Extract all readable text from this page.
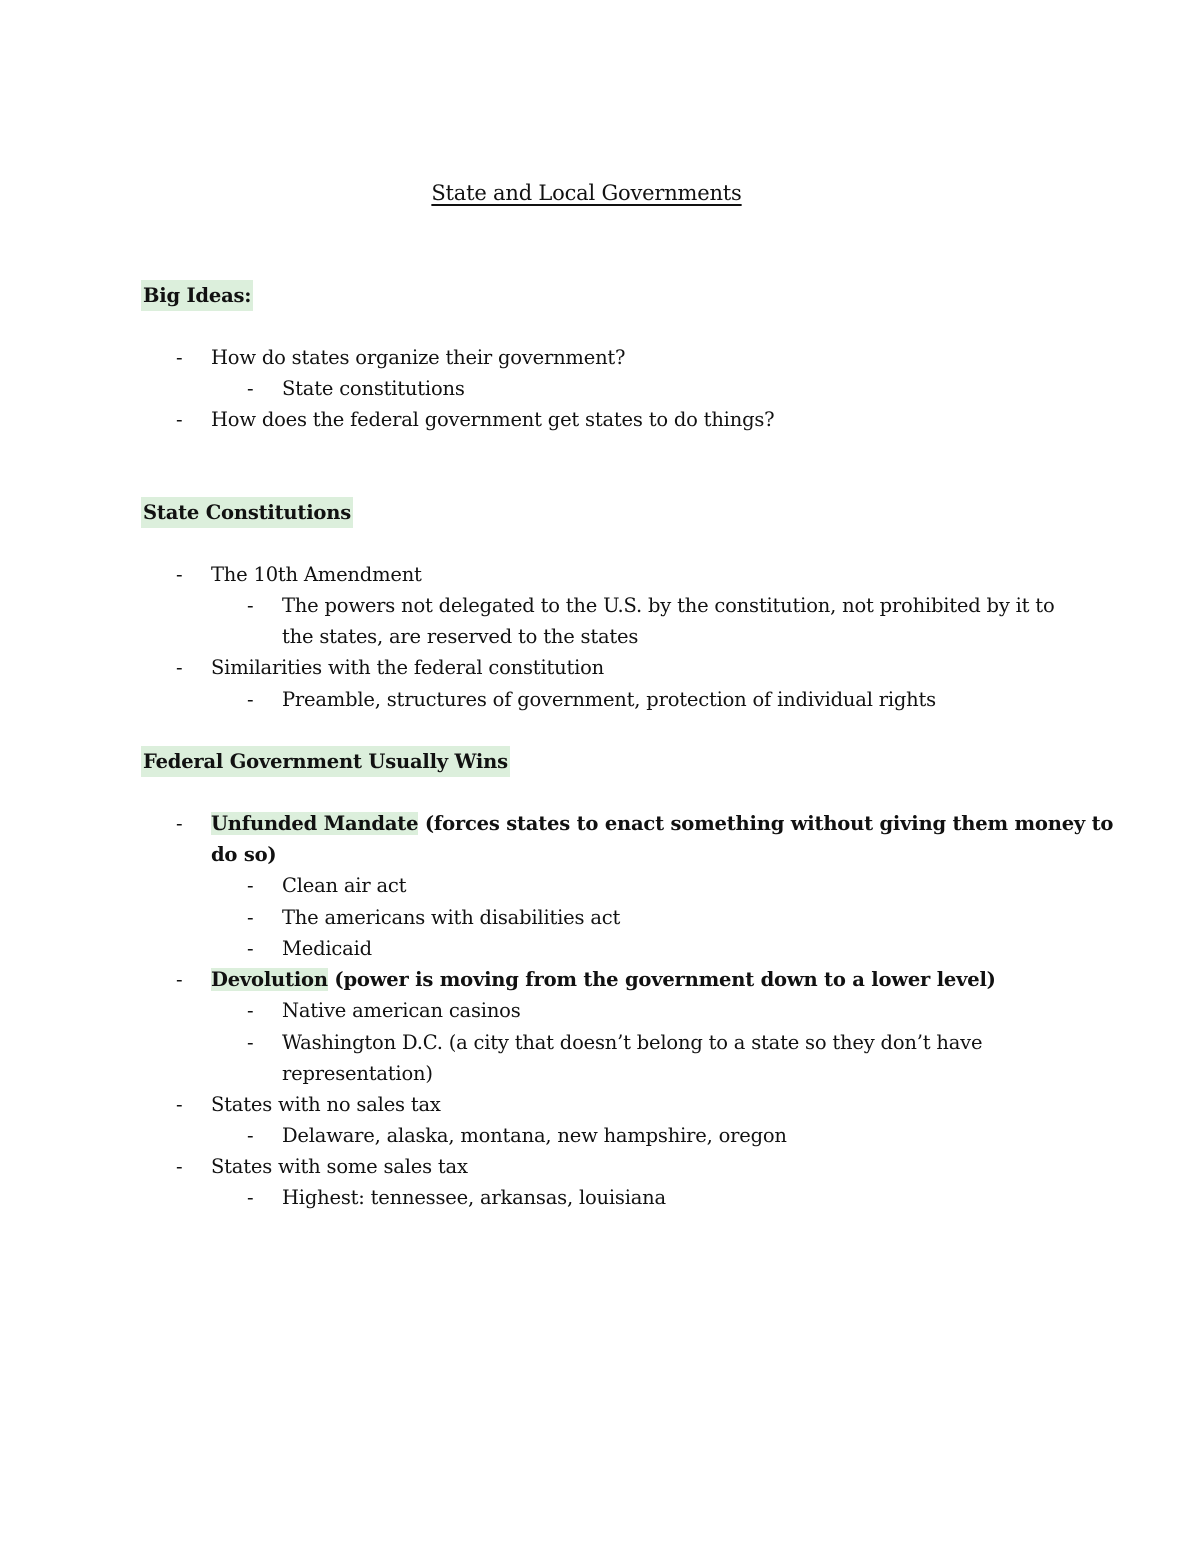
State and Local Governments
Big Ideas:
- How do states organize their government?
- State constitutions
- How does the federal government get states to do things?
State Constitutions
- The 10th Amendment
- The powers not delegated to the U.S. by the constitution, not prohibited by it to
the states, are reserved to the states
- Similarities with the federal constitution
- Preamble, structures of government, protection of individual rights
Federal Government Usually Wins
- Unfunded Mandate (forces states to enact something without giving them money to
do so)
- Clean air act
- The americans with disabilities act
- Medicaid
- Devolution (power is moving from the government down to a lower level)
- Native american casinos
- Washington D.C. (a city that doesn’t belong to a state so they don’t have
representation)
- States with no sales tax
- Delaware, alaska, montana, new hampshire, oregon
- States with some sales tax
- Highest: tennessee, arkansas, louisiana
